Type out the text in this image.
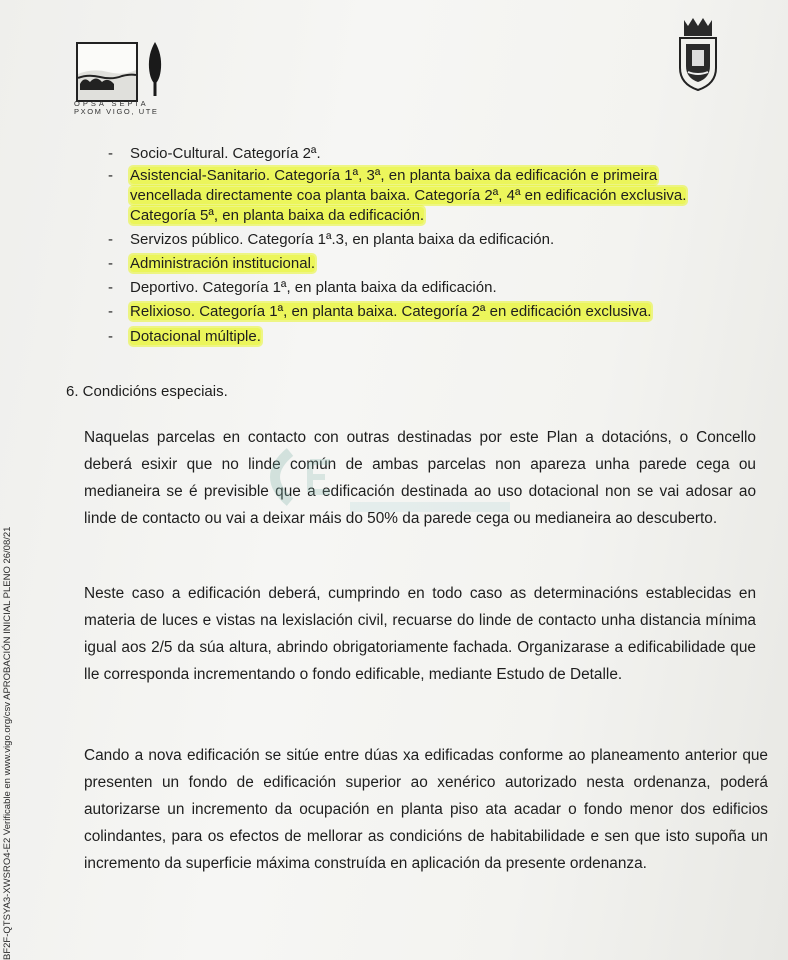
OPSA SEPIA
PXOM VIGO, UTE
BF2F-QTSYA3-XWSRO4-E2 Verificable en www.vigo.org/csv APROBACIÓN INICIAL PLENO 26/08/21
- Socio-Cultural. Categoría 2ª.
- Asistencial-Sanitario. Categoría 1ª, 3ª, en planta baixa da edificación e primeira
vencellada directamente coa planta baixa. Categoría 2ª, 4ª en edificación exclusiva.
Categoría 5ª, en planta baixa da edificación.
- Servizos público. Categoría 1ª.3, en planta baixa da edificación.
- Administración institucional.
- Deportivo. Categoría 1ª, en planta baixa da edificación.
- Relixioso. Categoría 1ª, en planta baixa. Categoría 2ª en edificación exclusiva.
- Dotacional múltiple.
6. Condicións especiais.

Naquelas parcelas en contacto con outras destinadas por este Plan a dotacións, o Concello deberá esixir que no linde común de ambas parcelas non apareza unha parede cega ou medianeira se é previsible que a edificación destinada ao uso dotacional non se vai adosar ao linde de contacto ou vai a deixar máis do 50% da parede cega ou medianeira ao descuberto.

Neste caso a edificación deberá, cumprindo en todo caso as determinacións establecidas en materia de luces e vistas na lexislación civil, recuarse do linde de contacto unha distancia mínima igual aos 2/5 da súa altura, abrindo obrigatoriamente fachada. Organizarase a edificabilidade que lle corresponda incrementando o fondo edificable, mediante Estudo de Detalle.

Cando a nova edificación se sitúe entre dúas xa edificadas conforme ao planeamento anterior que presenten un fondo de edificación superior ao xenérico autorizado nesta ordenanza, poderá autorizarse un incremento da ocupación en planta piso ata acadar o fondo menor dos edificios colindantes, para os efectos de mellorar as condicións de habitabilidade e sen que isto supoña un incremento da superficie máxima construída en aplicación da presente ordenanza.
